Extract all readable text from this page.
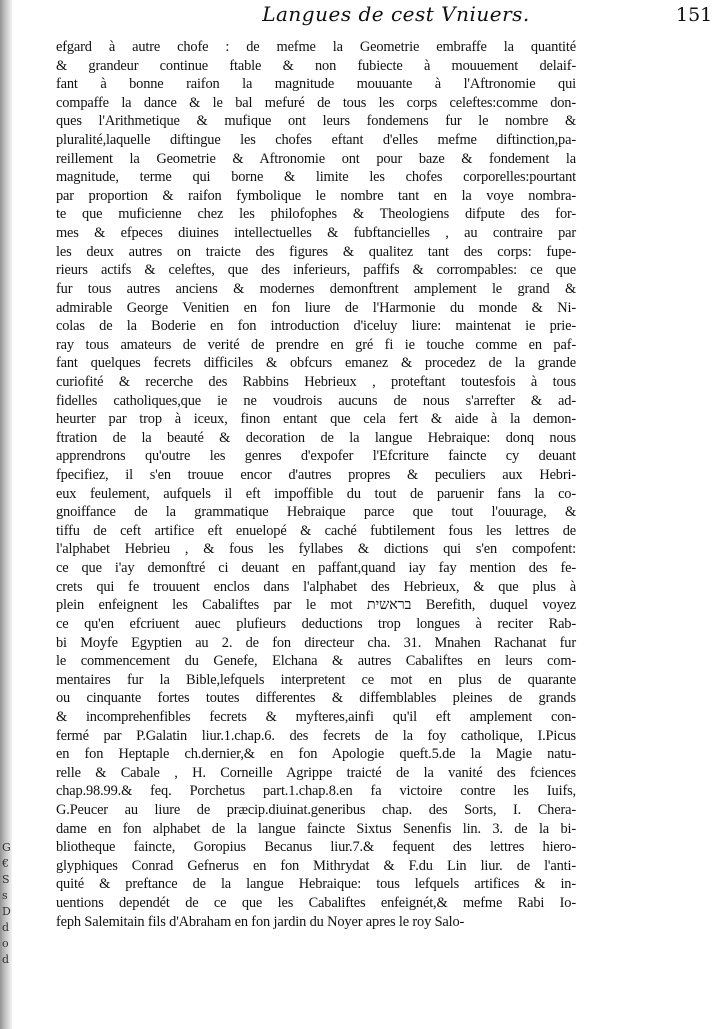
G
€
S
s
D
d
o
d
Langues de cest Vniuers.	151
efgard à autre chofe : de mefme la Geometrie embraffe la quantité
& grandeur continue ftable & non fubiecte à mouuement delaif-
fant à bonne raifon la magnitude mouuante à l'Aftronomie qui
compaffe la dance & le bal mefuré de tous les corps celeftes:comme don-
ques l'Arithmetique & mufique ont leurs fondemens fur le nombre &
pluralité,laquelle diftingue les chofes eftant d'elles mefme diftinction,pa-
reillement la Geometrie & Aftronomie ont pour baze & fondement la
magnitude, terme qui borne & limite les chofes corporelles:pourtant
par proportion & raifon fymbolique le nombre tant en la voye nombra-
te que muficienne chez les philofophes & Theologiens difpute des for-
mes & efpeces diuines intellectuelles & fubftancielles , au contraire par
les deux autres on traicte des figures & qualitez tant des corps: fupe-
rieurs actifs & celeftes, que des inferieurs, paffifs & corrompables: ce que
fur tous autres anciens & modernes demonftrent amplement le grand &
admirable George Venitien en fon liure de l'Harmonie du monde & Ni-
colas de la Boderie en fon introduction d'iceluy liure: maintenat ie prie-
ray tous amateurs de verité de prendre en gré fi ie touche comme en paf-
fant quelques fecrets difficiles & obfcurs emanez & procedez de la grande
curiofité & recerche des Rabbins Hebrieux , proteftant toutesfois à tous
fidelles catholiques,que ie ne voudrois aucuns de nous s'arrefter & ad-
heurter par trop à iceux, finon entant que cela fert & aide à la demon-
ftration de la beauté & decoration de la langue Hebraique: donq nous
apprendrons qu'outre les genres d'expofer l'Efcriture faincte cy deuant
fpecifiez, il s'en trouue encor d'autres propres & peculiers aux Hebri-
eux feulement, aufquels il eft impoffible du tout de paruenir fans la co-
gnoiffance de la grammatique Hebraique parce que tout l'ouurage, &
tiffu de ceft artifice eft enuelopé & caché fubtilement fous les lettres de
l'alphabet Hebrieu , & fous les fyllabes & dictions qui s'en compofent:
ce que i'ay demonftré ci deuant en paffant,quand iay fay mention des fe-
crets qui fe trouuent enclos dans l'alphabet des Hebrieux, & que plus à
plein enfeignent les Cabaliftes par le mot בראשית Berefith, duquel voyez
ce qu'en efcriuent auec plufieurs deductions trop longues à reciter Rab-
bi Moyfe Egyptien au 2. de fon directeur cha. 31. Mnahen Rachanat fur
le commencement du Genefe, Elchana & autres Cabaliftes en leurs com-
mentaires fur la Bible,lefquels interpretent ce mot en plus de quarante
ou cinquante fortes toutes differentes & diffemblables pleines de grands
& incomprehenfibles fecrets & myfteres,ainfi qu'il eft amplement con-
fermé par P.Galatin liur.1.chap.6. des fecrets de la foy catholique, I.Picus
en fon Heptaple ch.dernier,& en fon Apologie queft.5.de la Magie natu-
relle & Cabale , H. Corneille Agrippe traicté de la vanité des fciences
chap.98.99.& feq. Porchetus part.1.chap.8.en fa victoire contre les Iuifs,
G.Peucer au liure de præcip.diuinat.generibus chap. des Sorts, I. Chera-
dame en fon alphabet de la langue faincte Sixtus Senenfis lin. 3. de la bi-
bliotheque faincte, Goropius Becanus liur.7.& fequent des lettres hiero-
glyphiques Conrad Gefnerus en fon Mithrydat & F.du Lin liur. de l'anti-
quité & preftance de la langue Hebraique: tous lefquels artifices & in-
uentions dependét de ce que les Cabaliftes enfeignét,& mefme Rabi Io-
feph Salemitain fils d'Abraham en fon jardin du Noyer apres le roy Salo-
